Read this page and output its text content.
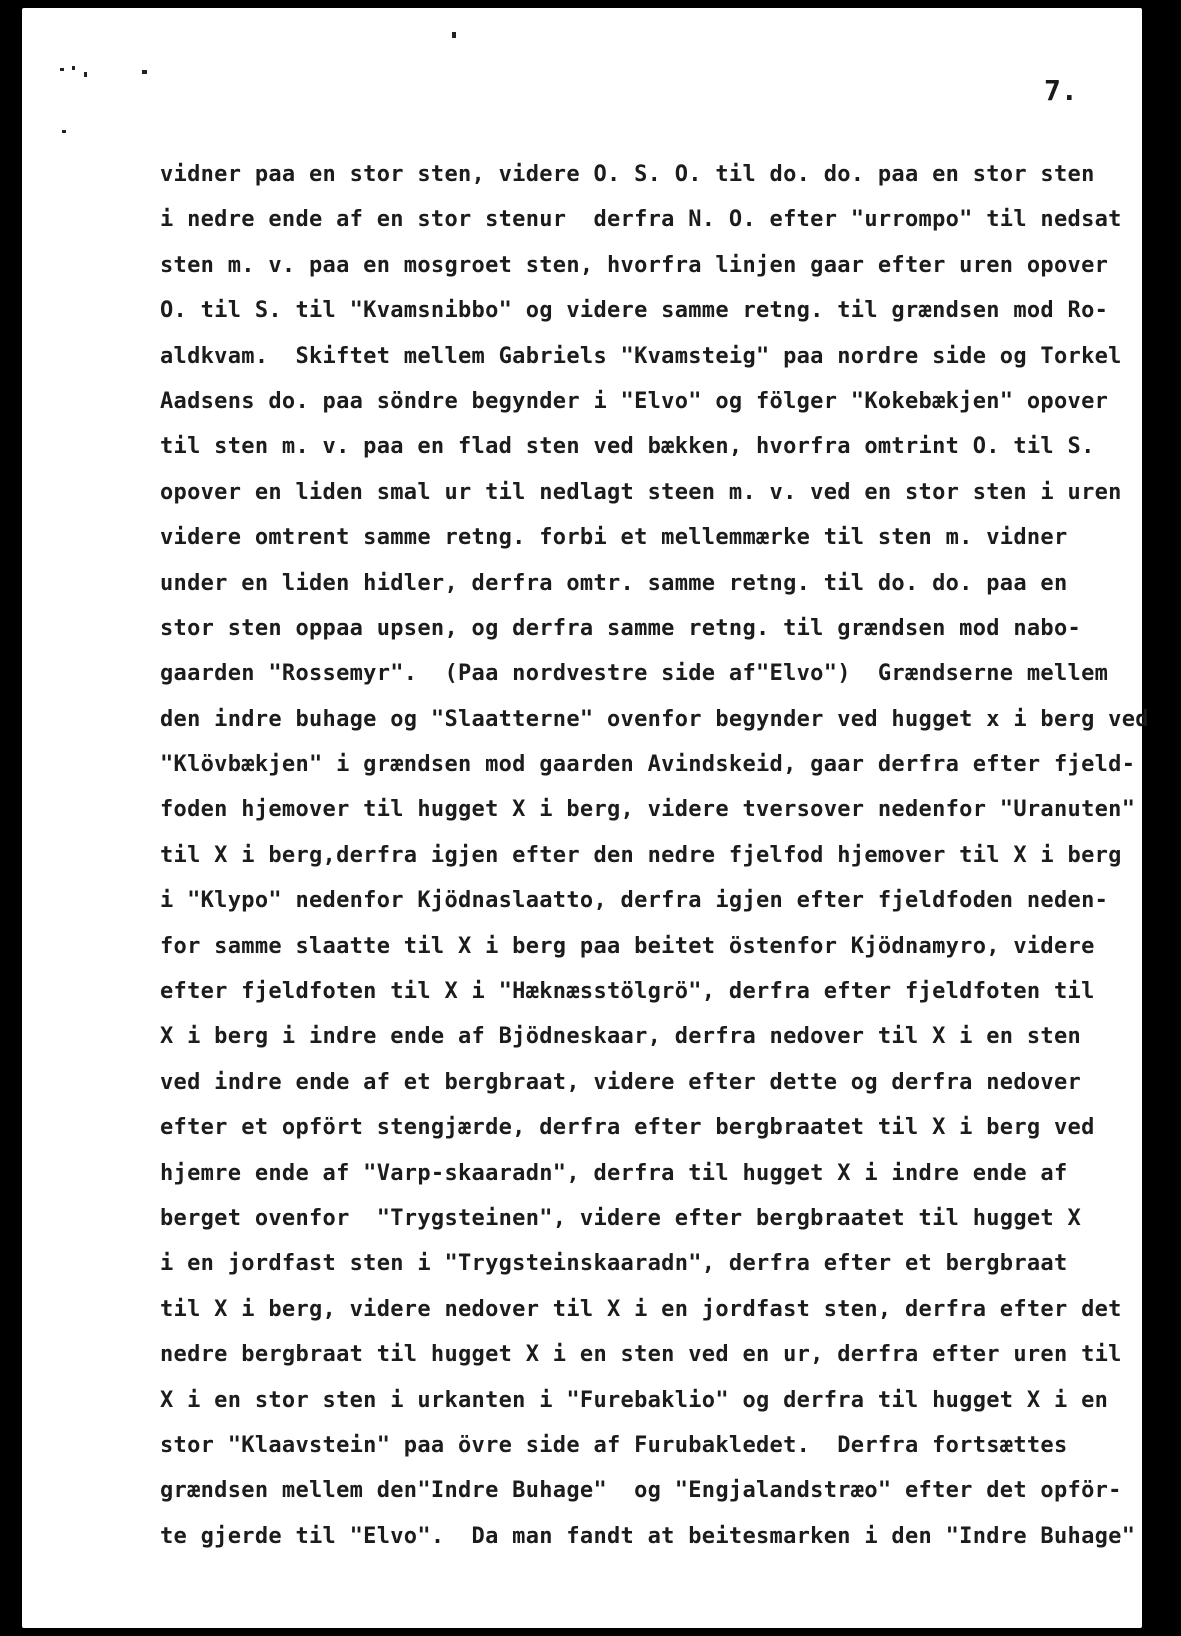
7.
vidner paa en stor sten, videre O. S. O. til do. do. paa en stor sten
i nedre ende af en stor stenur  derfra N. O. efter "urrompo" til nedsat
sten m. v. paa en mosgroet sten, hvorfra linjen gaar efter uren opover
O. til S. til "Kvamsnibbo" og videre samme retng. til grændsen mod Ro-
aldkvam.  Skiftet mellem Gabriels "Kvamsteig" paa nordre side og Torkel
Aadsens do. paa söndre begynder i "Elvo" og fölger "Kokebækjen" opover
til sten m. v. paa en flad sten ved bækken, hvorfra omtrint O. til S.
opover en liden smal ur til nedlagt steen m. v. ved en stor sten i uren
videre omtrent samme retng. forbi et mellemmærke til sten m. vidner
under en liden hidler, derfra omtr. samme retng. til do. do. paa en
stor sten oppaa upsen, og derfra samme retng. til grændsen mod nabo-
gaarden "Rossemyr".  (Paa nordvestre side af"Elvo")  Grændserne mellem
den indre buhage og "Slaatterne" ovenfor begynder ved hugget x i berg ved
"Klövbækjen" i grændsen mod gaarden Avindskeid, gaar derfra efter fjeld-
foden hjemover til hugget X i berg, videre tversover nedenfor "Uranuten"
til X i berg,derfra igjen efter den nedre fjelfod hjemover til X i berg
i "Klypo" nedenfor Kjödnaslaatto, derfra igjen efter fjeldfoden neden-
for samme slaatte til X i berg paa beitet östenfor Kjödnamyro, videre
efter fjeldfoten til X i "Hæknæsstölgrö", derfra efter fjeldfoten til
X i berg i indre ende af Bjödneskaar, derfra nedover til X i en sten
ved indre ende af et bergbraat, videre efter dette og derfra nedover
efter et opfört stengjærde, derfra efter bergbraatet til X i berg ved
hjemre ende af "Varp-skaaradn", derfra til hugget X i indre ende af
berget ovenfor  "Trygsteinen", videre efter bergbraatet til hugget X
i en jordfast sten i "Trygsteinskaaradn", derfra efter et bergbraat
til X i berg, videre nedover til X i en jordfast sten, derfra efter det
nedre bergbraat til hugget X i en sten ved en ur, derfra efter uren til
X i en stor sten i urkanten i "Furebaklio" og derfra til hugget X i en
stor "Klaavstein" paa övre side af Furubakledet.  Derfra fortsættes
grændsen mellem den"Indre Buhage"  og "Engjalandstræo" efter det opför-
te gjerde til "Elvo".  Da man fandt at beitesmarken i den "Indre Buhage"
